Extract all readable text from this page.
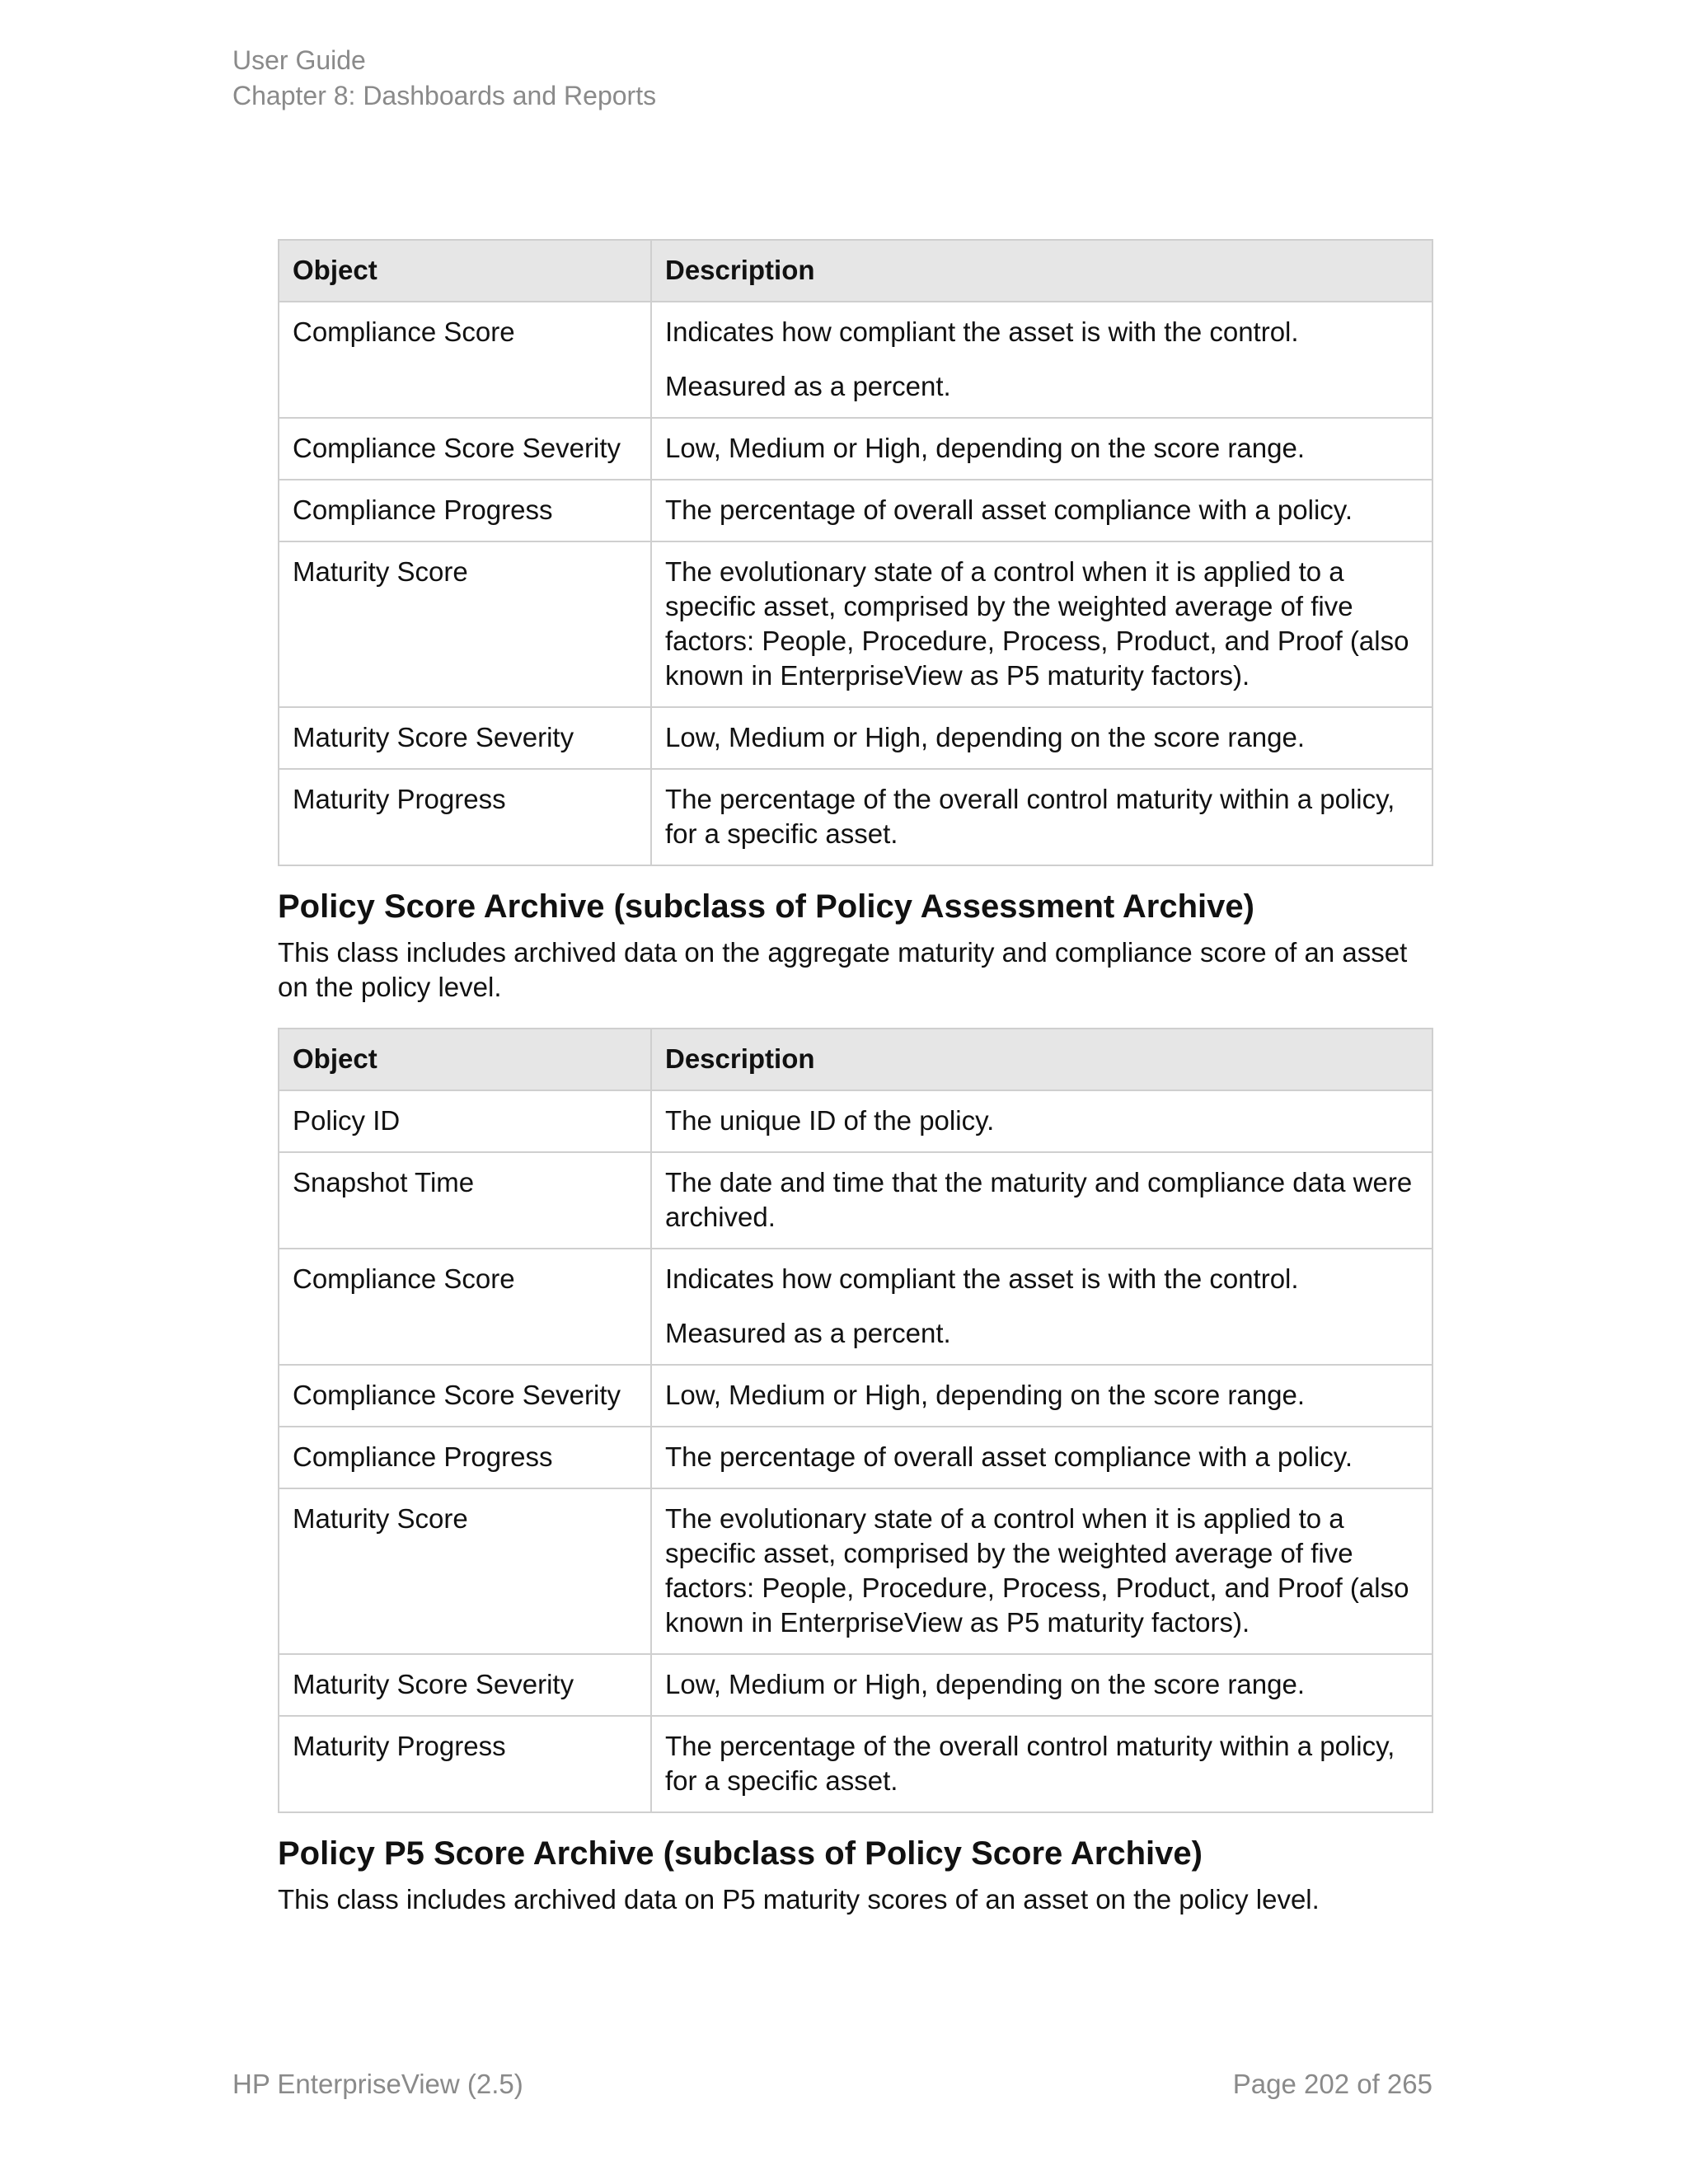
User Guide
Chapter 8: Dashboards and Reports
Object	Description
Compliance Score	Indicates how compliant the asset is with the control.

Measured as a percent.

Compliance Score Severity	Low, Medium or High, depending on the score range.
Compliance Progress	The percentage of overall asset compliance with a policy.
Maturity Score	The evolutionary state of a control when it is applied to a specific asset, comprised by the weighted average of five factors: People, Procedure, Process, Product, and Proof (also known in EnterpriseView as P5 maturity factors).
Maturity Score Severity	Low, Medium or High, depending on the score range.
Maturity Progress	The percentage of the overall control maturity within a policy, for a specific asset.
Policy Score Archive (subclass of Policy Assessment Archive)

This class includes archived data on the aggregate maturity and compliance score of an asset on the policy level.

Object	Description
Policy ID	The unique ID of the policy.
Snapshot Time	The date and time that the maturity and compliance data were archived.
Compliance Score	Indicates how compliant the asset is with the control.

Measured as a percent.

Compliance Score Severity	Low, Medium or High, depending on the score range.
Compliance Progress	The percentage of overall asset compliance with a policy.
Maturity Score	The evolutionary state of a control when it is applied to a specific asset, comprised by the weighted average of five factors: People, Procedure, Process, Product, and Proof (also known in EnterpriseView as P5 maturity factors).
Maturity Score Severity	Low, Medium or High, depending on the score range.
Maturity Progress	The percentage of the overall control maturity within a policy, for a specific asset.
Policy P5 Score Archive (subclass of Policy Score Archive)

This class includes archived data on P5 maturity scores of an asset on the policy level.

HP EnterpriseView (2.5)	Page 202 of 265
